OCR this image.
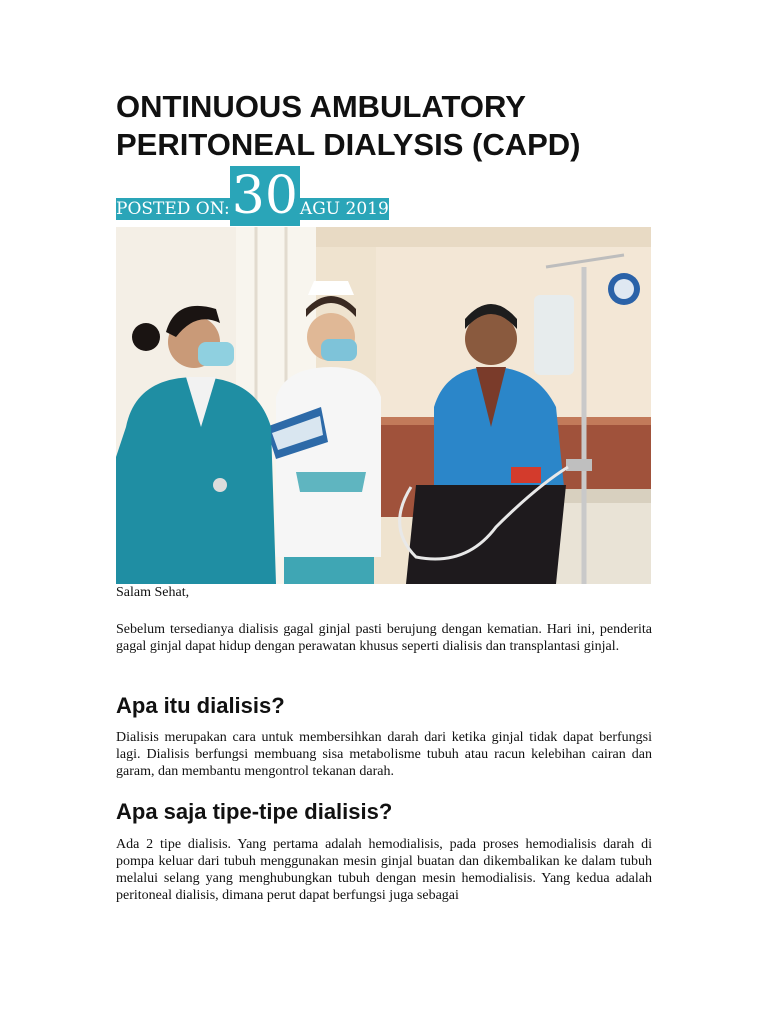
ONTINUOUS AMBULATORY PERITONEAL DIALYSIS (CAPD)
POSTED ON: 30 AGU 2019

Salam Sehat,

Sebelum tersedianya dialisis gagal ginjal pasti berujung dengan kematian. Hari ini, penderita gagal ginjal dapat hidup dengan perawatan khusus seperti dialisis dan transplantasi ginjal.

Apa itu dialisis?

Dialisis merupakan cara untuk membersihkan darah dari ketika ginjal tidak dapat berfungsi lagi. Dialisis berfungsi membuang sisa metabolisme tubuh atau racun kelebihan cairan dan garam, dan membantu mengontrol tekanan darah.

Apa saja tipe-tipe dialisis?

Ada 2 tipe dialisis. Yang pertama adalah hemodialisis, pada proses hemodialisis darah di pompa keluar dari tubuh menggunakan mesin ginjal buatan dan dikembalikan ke dalam tubuh melalui selang yang menghubungkan tubuh dengan mesin hemodialisis. Yang kedua adalah peritoneal dialisis, dimana perut dapat berfungsi juga sebagai
